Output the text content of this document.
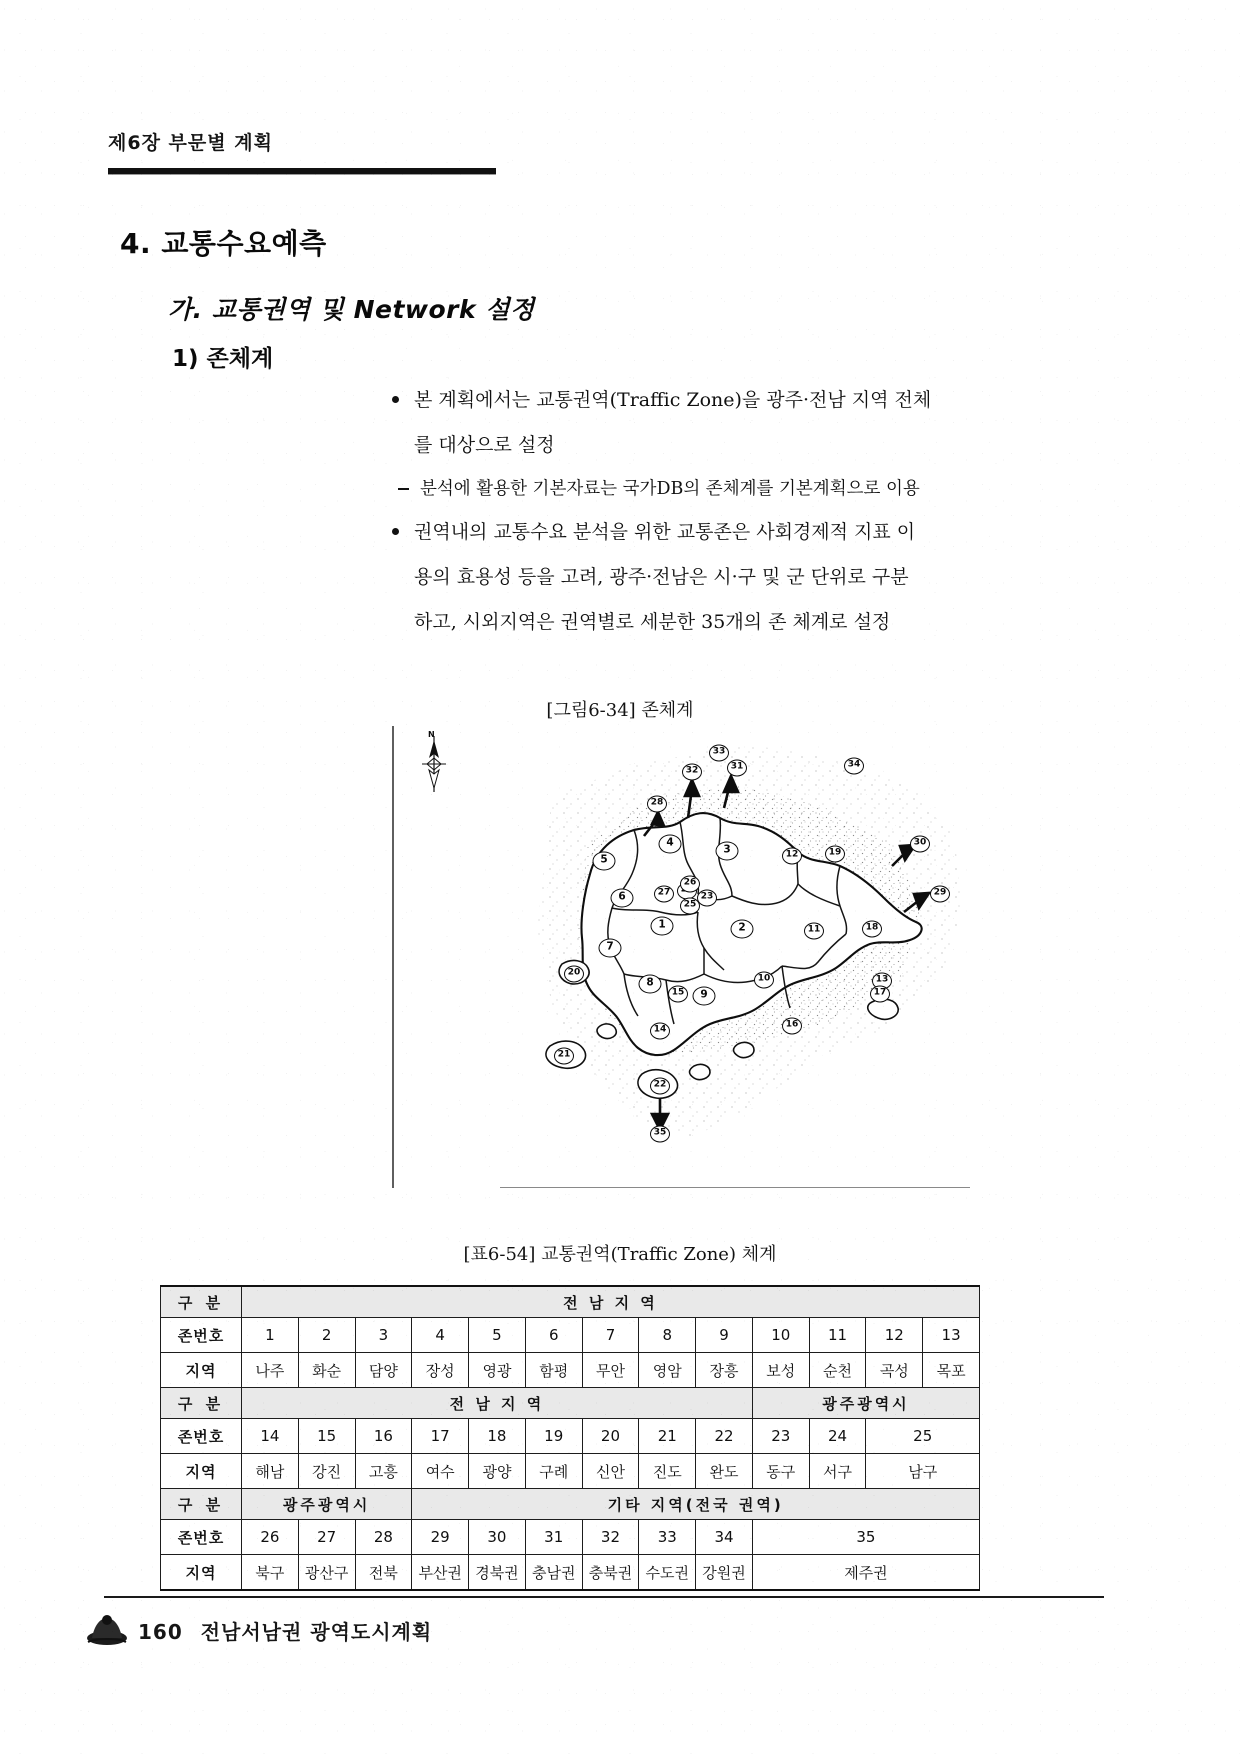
제6장 부문별 계획
4. 교통수요예측
가. 교통권역 및 Network 설정
1) 존체계
본 계획에서는 교통권역(Traffic Zone)을 광주·전남 지역 전체
를 대상으로 설정
분석에 활용한 기본자료는 국가DB의 존체계를 기본계획으로 이용
권역내의 교통수요 분석을 위한 교통존은 사회경제적 지표 이
용의 효용성 등을 고려, 광주·전남은 시·구 및 군 단위로 구분
하고, 시외지역은 권역별로 세분한 35개의 존 체계로 설정
[그림6-34] 존체계
N
1	2
3
4
5
6
7
8
9
10
11
12
13
14
15
16
17
18
19
20
21
22
23
25
26
27
28
29
30
31
32
33
34
35
[표6-54] 교통권역(Traffic Zone) 체계
구 분	전 남 지 역												
존번호	1	2	3	4	5	6	7	8	9	10	11	12	13
지역	나주	화순	담양	장성	영광	함평	무안	영암	장흥	보성	순천	곡성	목포
구 분	전 남 지 역									광주광역시			
존번호	14	15	16	17	18	19	20	21	22	23	24	25	
지역	해남	강진	고흥	여수	광양	구례	신안	진도	완도	동구	서구	남구	
구 분	광주광역시			기타 지역(전국 권역)									
존번호	26	27	28	29	30	31	32	33	34	35			
지역	북구	광산구	전북	부산권	경북권	충남권	충북권	수도권	강원권	제주권			
160 전남서남권 광역도시계획
